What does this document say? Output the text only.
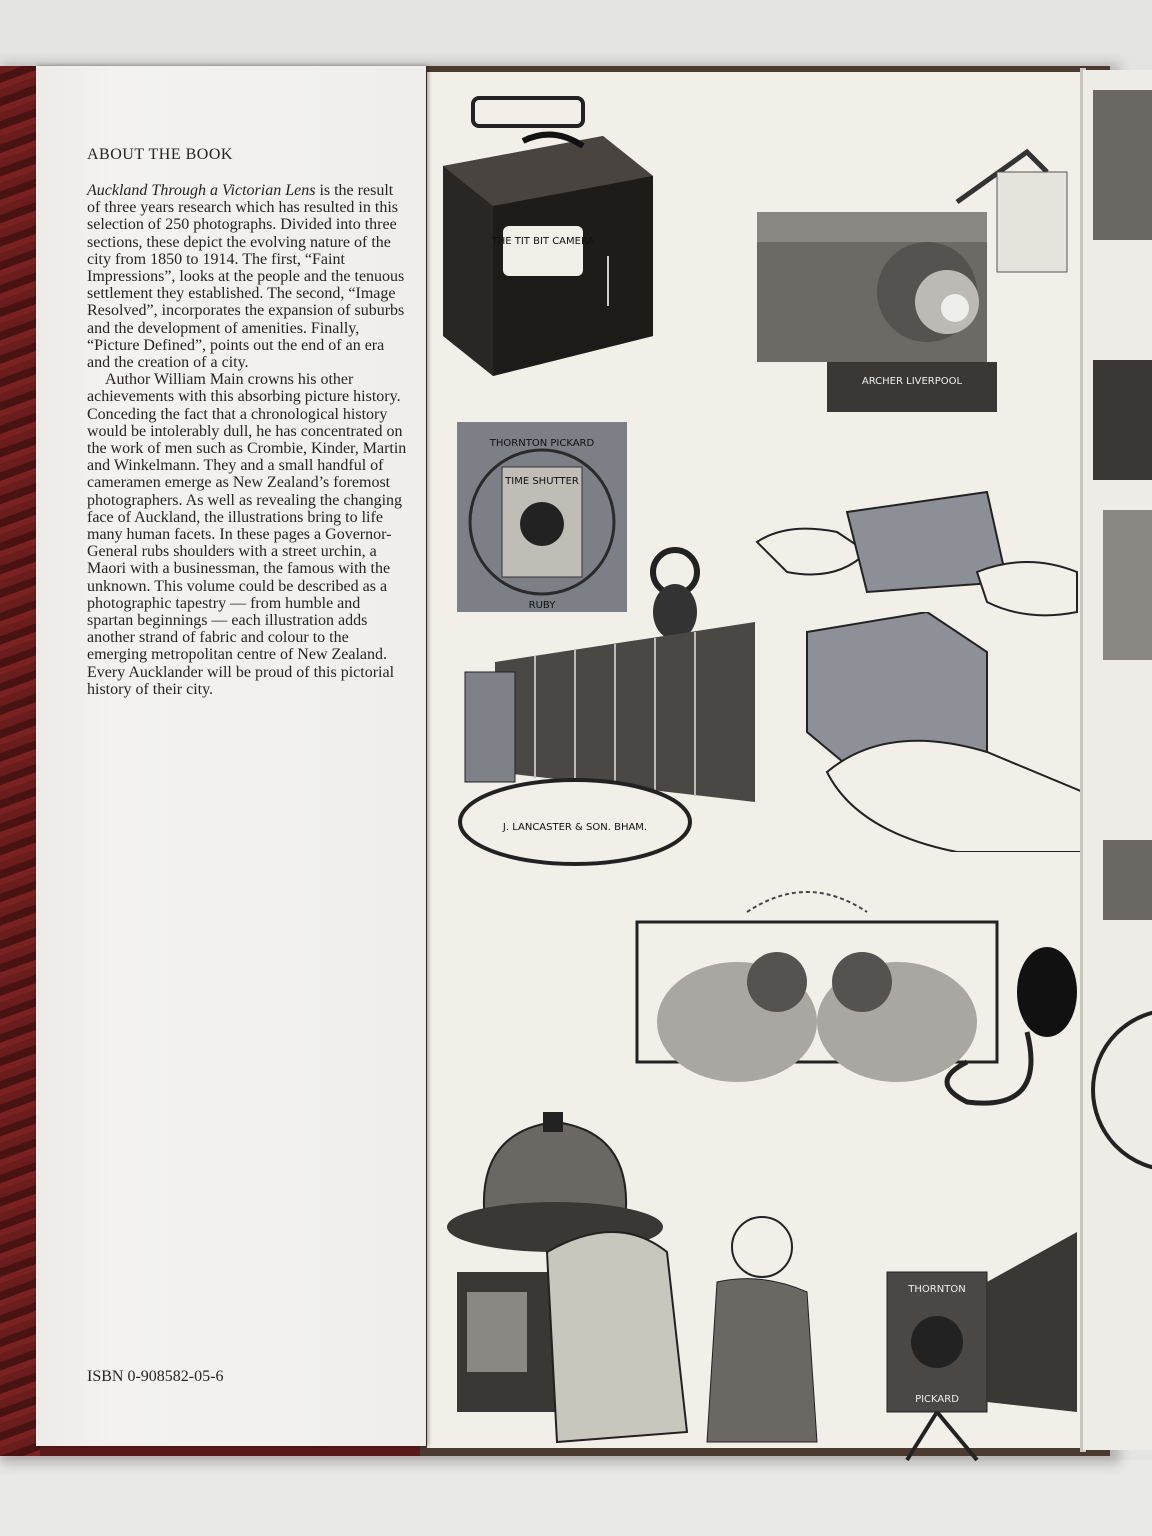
THE TIT BIT CAMERA
ARCHER LIVERPOOL
THORNTON PICKARD
TIME SHUTTER
RUBY
J. LANCASTER & SON. BHAM.
THORNTON
PICKARD
ABOUT THE BOOK

Auckland Through a Victorian Lens is the result of three years research which has resulted in this selection of 250 photographs. Divided into three sections, these depict the evolving nature of the city from 1850 to 1914. The first, “Faint Impressions”, looks at the people and the tenuous settlement they established. The second, “Image Resolved”, incorporates the expansion of suburbs and the development of amenities. Finally, “Picture Defined”, points out the end of an era and the creation of a city.

Author William Main crowns his other achievements with this absorbing picture history. Conceding the fact that a chronological history would be intolerably dull, he has concentrated on the work of men such as Crombie, Kinder, Martin and Winkelmann. They and a small handful of cameramen emerge as New Zealand’s foremost photographers. As well as revealing the changing face of Auckland, the illustrations bring to life many human facets. In these pages a Governor-General rubs shoulders with a street urchin, a Maori with a businessman, the famous with the unknown. This volume could be described as a photographic tapestry — from humble and spartan beginnings — each illustration adds another strand of fabric and colour to the emerging metropolitan centre of New Zealand. Every Aucklander will be proud of this pictorial history of their city.

ISBN 0-908582-05-6
